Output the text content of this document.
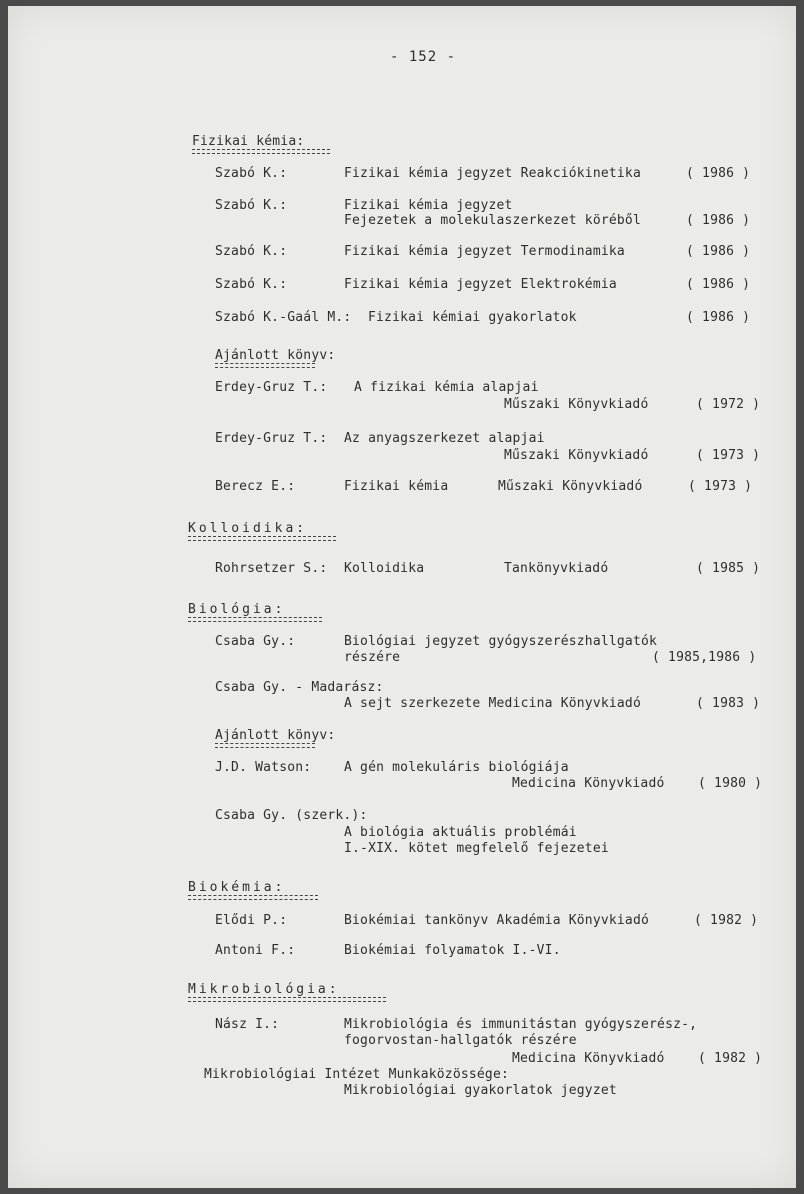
- 152 -
Fizikai kémia:
Szabó K.:	Fizikai kémia jegyzet Reakciókinetika	( 1986 )
Szabó K.:	Fizikai kémia jegyzet
Fejezetek a molekulaszerkezet köréből	( 1986 )
Szabó K.:	Fizikai kémia jegyzet Termodinamika	( 1986 )
Szabó K.:	Fizikai kémia jegyzet Elektrokémia	( 1986 )
Szabó K.-Gaál M.: Fizikai kémiai gyakorlatok	( 1986 )
Ajánlott könyv:
Erdey-Gruz T.: A fizikai kémia alapjai
Műszaki Könyvkiadó	( 1972 )
Erdey-Gruz T.: Az anyagszerkezet alapjai
Műszaki Könyvkiadó	( 1973 )
Berecz E.:	Fizikai kémia	Műszaki Könyvkiadó	( 1973 )
Kolloidika:
Rohrsetzer S.: Kolloidika	Tankönyvkiadó	( 1985 )
Biológia:
Csaba Gy.:	Biológiai jegyzet gyógyszerészhallgatók
részére	( 1985,1986 )
Csaba Gy. - Madarász:
A sejt szerkezete Medicina Könyvkiadó	( 1983 )
Ajánlott könyv:
J.D. Watson:	A gén molekuláris biológiája
Medicina Könyvkiadó	( 1980 )
Csaba Gy. (szerk.):
A biológia aktuális problémái
I.-XIX. kötet megfelelő fejezetei
Biokémia:
Elődi P.:	Biokémiai tankönyv Akadémia Könyvkiadó	( 1982 )
Antoni F.:	Biokémiai folyamatok I.-VI.
Mikrobiológia:
Nász I.:	Mikrobiológia és immunitástan gyógyszerész-,
fogorvostan-hallgatók részére
Medicina Könyvkiadó	( 1982 )
Mikrobiológiai Intézet Munkaközössége:
Mikrobiológiai gyakorlatok jegyzet
